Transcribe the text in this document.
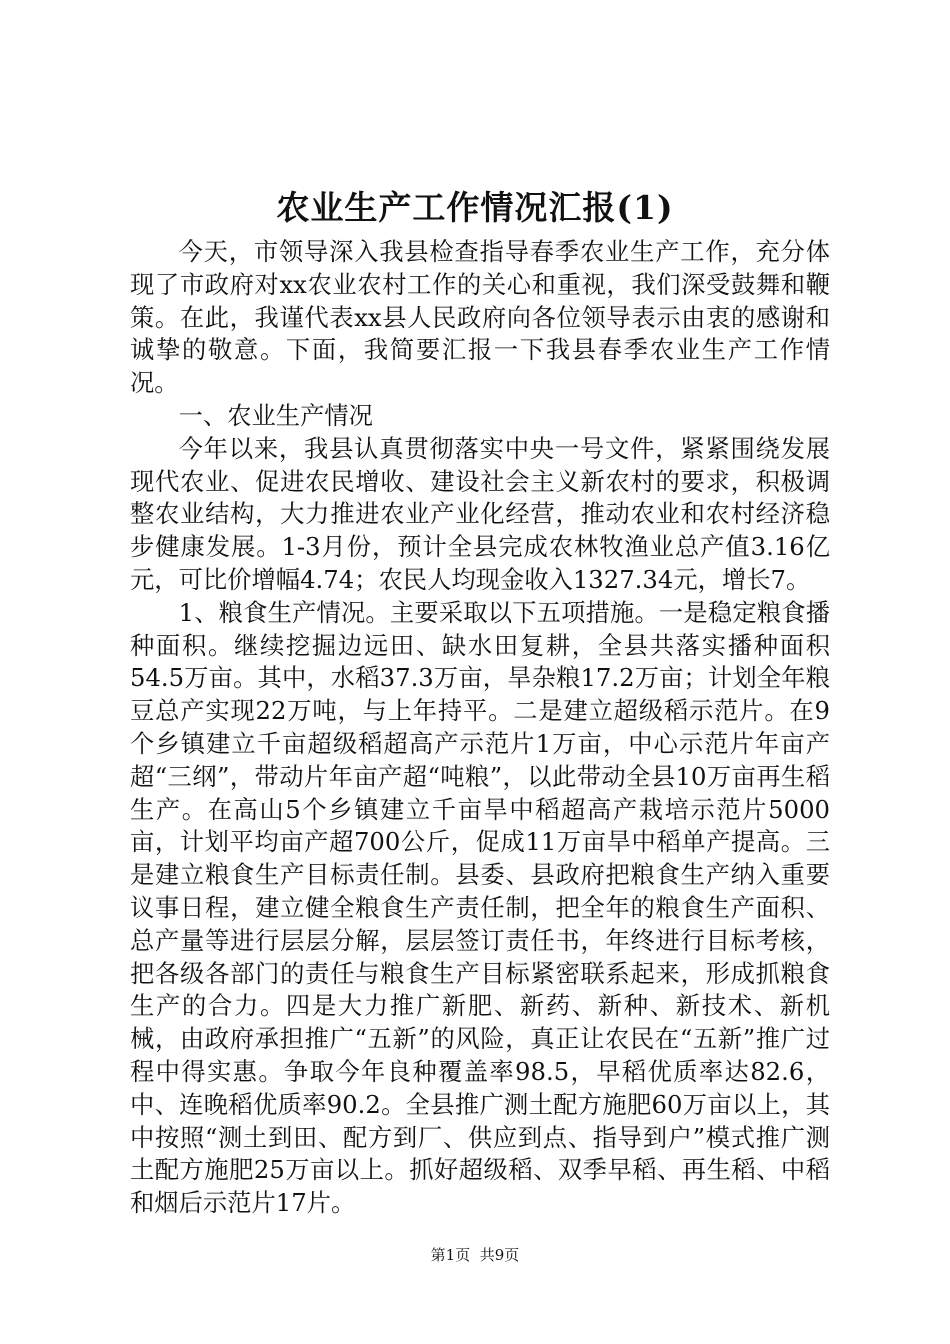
农业生产工作情况汇报(1)

今天，市领导深入我县检查指导春季农业生产工作，充分体现了市政府对xx农业农村工作的关心和重视，我们深受鼓舞和鞭策。在此，我谨代表xx县人民政府向各位领导表示由衷的感谢和诚挚的敬意。下面，我简要汇报一下我县春季农业生产工作情况。

一、农业生产情况

今年以来，我县认真贯彻落实中央一号文件，紧紧围绕发展现代农业、促进农民增收、建设社会主义新农村的要求，积极调整农业结构，大力推进农业产业化经营，推动农业和农村经济稳步健康发展。1-3月份，预计全县完成农林牧渔业总产值3.16亿元，可比价增幅4.74；农民人均现金收入1327.34元，增长7。

1、粮食生产情况。主要采取以下五项措施。一是稳定粮食播种面积。继续挖掘边远田、缺水田复耕，全县共落实播种面积54.5万亩。其中，水稻37.3万亩，旱杂粮17.2万亩；计划全年粮豆总产实现22万吨，与上年持平。二是建立超级稻示范片。在9个乡镇建立千亩超级稻超高产示范片1万亩，中心示范片年亩产超“三纲”，带动片年亩产超“吨粮”，以此带动全县10万亩再生稻生产。在高山5个乡镇建立千亩旱中稻超高产栽培示范片5000亩，计划平均亩产超700公斤，促成11万亩旱中稻单产提高。三是建立粮食生产目标责任制。县委、县政府把粮食生产纳入重要议事日程，建立健全粮食生产责任制，把全年的粮食生产面积、总产量等进行层层分解，层层签订责任书，年终进行目标考核，把各级各部门的责任与粮食生产目标紧密联系起来，形成抓粮食生产的合力。四是大力推广新肥、新药、新种、新技术、新机械，由政府承担推广“五新”的风险，真正让农民在“五新”推广过程中得实惠。争取今年良种覆盖率98.5，早稻优质率达82.6，中、连晚稻优质率90.2。全县推广测土配方施肥60万亩以上，其中按照“测土到田、配方到厂、供应到点、指导到户”模式推广测土配方施肥25万亩以上。抓好超级稻、双季早稻、再生稻、中稻和烟后示范片17片。

第1页 共9页
